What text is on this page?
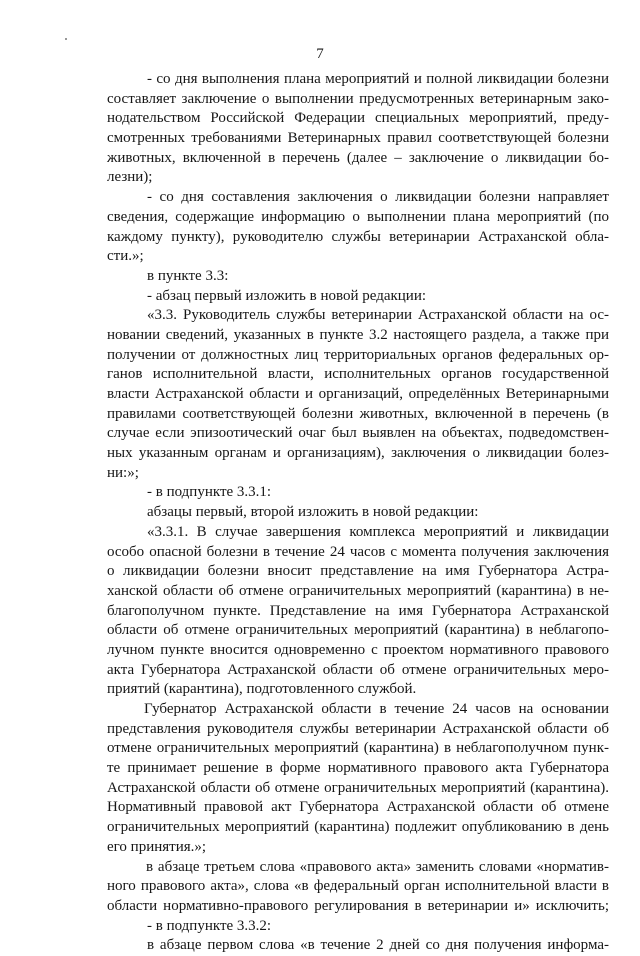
7
- со дня выполнения плана мероприятий и полной ликвидации болезни
составляет заключение о выполнении предусмотренных ветеринарным зако-
нодательством Российской Федерации специальных мероприятий, преду-
смотренных требованиями Ветеринарных правил соответствующей болезни
животных, включенной в перечень (далее – заключение о ликвидации бо-
лезни);
- со дня составления заключения о ликвидации болезни направляет
сведения, содержащие информацию о выполнении плана мероприятий (по
каждому пункту), руководителю службы ветеринарии Астраханской обла-
сти.»;
в пункте 3.3:
- абзац первый изложить в новой редакции:
«3.3. Руководитель службы ветеринарии Астраханской области на ос-
новании сведений, указанных в пункте 3.2 настоящего раздела, а также при
получении от должностных лиц территориальных органов федеральных ор-
ганов исполнительной власти, исполнительных органов государственной
власти Астраханской области и организаций, определённых Ветеринарными
правилами соответствующей болезни животных, включенной в перечень (в
случае если эпизоотический очаг был выявлен на объектах, подведомствен-
ных указанным органам и организациям), заключения о ликвидации болез-
ни:»;
- в подпункте 3.3.1:
абзацы первый, второй изложить в новой редакции:
«3.3.1. В случае завершения комплекса мероприятий и ликвидации
особо опасной болезни в течение 24 часов с момента получения заключения
о ликвидации болезни вносит представление на имя Губернатора Астра-
ханской области об отмене ограничительных мероприятий (карантина) в не-
благополучном пункте. Представление на имя Губернатора Астраханской
области об отмене ограничительных мероприятий (карантина) в неблагопо-
лучном пункте вносится одновременно с проектом нормативного правового
акта Губернатора Астраханской области об отмене ограничительных меро-
приятий (карантина), подготовленного службой.
Губернатор Астраханской области в течение 24 часов на основании
представления руководителя службы ветеринарии Астраханской области об
отмене ограничительных мероприятий (карантина) в неблагополучном пунк-
те принимает решение в форме нормативного правового акта Губернатора
Астраханской области об отмене ограничительных мероприятий (карантина).
Нормативный правовой акт Губернатора Астраханской области об отмене
ограничительных мероприятий (карантина) подлежит опубликованию в день
его принятия.»;
в абзаце третьем слова «правового акта» заменить словами «норматив-
ного правового акта», слова «в федеральный орган исполнительной власти в
области нормативно-правового регулирования в ветеринарии и» исключить;
- в подпункте 3.3.2:
в абзаце первом слова «в течение 2 дней со дня получения информа-
